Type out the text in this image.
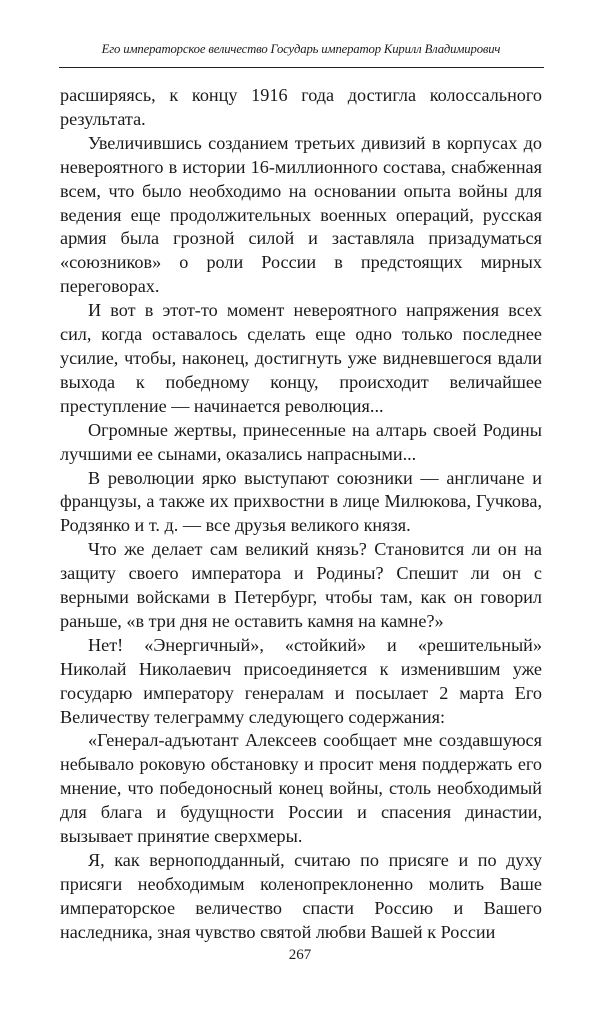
Его императорское величество Государь император Кирилл Владимирович

расширяясь, к концу 1916 года достигла колоссального результата.

Увеличившись созданием третьих дивизий в корпусах до невероятного в истории 16-миллионного состава, снабженная всем, что было необходимо на основании опыта войны для ведения еще продолжительных военных операций, русская армия была грозной силой и заставляла призадуматься «союзников» о роли России в предстоящих мирных переговорах.

И вот в этот-то момент невероятного напряжения всех сил, когда оставалось сделать еще одно только последнее усилие, чтобы, наконец, достигнуть уже видневшегося вдали выхода к победному концу, происходит величайшее преступление — начинается революция...

Огромные жертвы, принесенные на алтарь своей Родины лучшими ее сынами, оказались напрасными...

В революции ярко выступают союзники — англичане и французы, а также их прихвостни в лице Милюкова, Гучкова, Родзянко и т. д. — все друзья великого князя.

Что же делает сам великий князь? Становится ли он на защиту своего императора и Родины? Спешит ли он с верными войсками в Петербург, чтобы там, как он говорил раньше, «в три дня не оставить камня на камне?»

Нет! «Энергичный», «стойкий» и «решительный» Николай Николаевич присоединяется к изменившим уже государю императору генералам и посылает 2 марта Его Величеству телеграмму следующего содержания:

«Генерал-адъютант Алексеев сообщает мне создавшуюся небывало роковую обстановку и просит меня поддержать его мнение, что победоносный конец войны, столь необходимый для блага и будущности России и спасения династии, вызывает принятие сверхмеры.

Я, как верноподданный, считаю по присяге и по духу присяги необходимым коленопреклоненно молить Ваше императорское величество спасти Россию и Вашего наследника, зная чувство святой любви Вашей к России

267
